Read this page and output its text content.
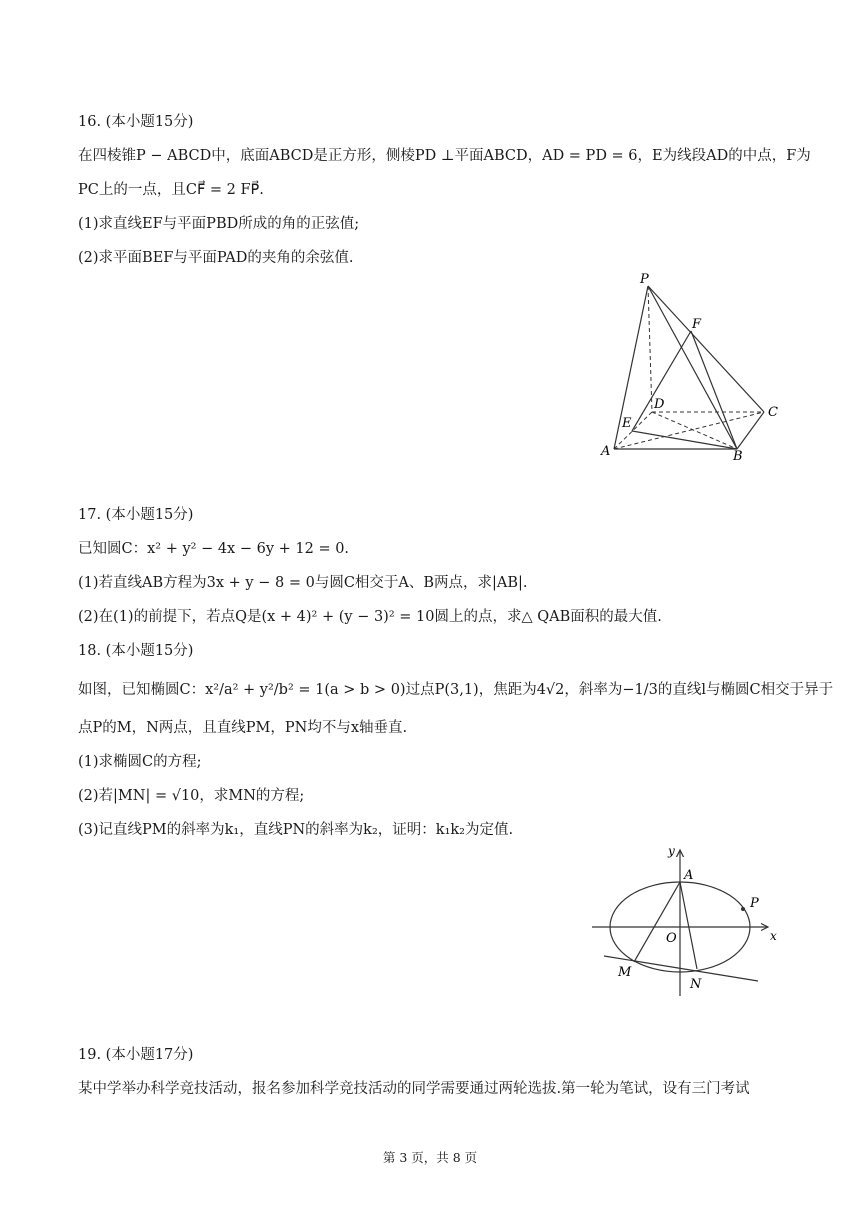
16. (本小题15分)
在四棱锥P − ABCD中，底面ABCD是正方形，侧棱PD ⊥平面ABCD，AD = PD = 6，E为线段AD的中点，F为
PC上的一点，且CF⃗ = 2 FP⃗.
(1)求直线EF与平面PBD所成的角的正弦值;
(2)求平面BEF与平面PAD的夹角的余弦值.
P
F
D
C
E
A	B
17. (本小题15分)
已知圆C：x² + y² − 4x − 6y + 12 = 0.
(1)若直线AB方程为3x + y − 8 = 0与圆C相交于A、B两点，求|AB|.
(2)在(1)的前提下，若点Q是(x + 4)² + (y − 3)² = 10圆上的点，求△ QAB面积的最大值.
18. (本小题15分)
如图，已知椭圆C：x²/a² + y²/b² = 1(a > b > 0)过点P(3,1)，焦距为4√2，斜率为−1/3的直线l与椭圆C相交于异于
点P的M，N两点，且直线PM，PN均不与x轴垂直.
(1)求椭圆C的方程;
(2)若|MN| = √10，求MN的方程;
(3)记直线PM的斜率为k₁，直线PN的斜率为k₂，证明：k₁k₂为定值.
y
A
P
O	x
M
N
19. (本小题17分)
某中学举办科学竞技活动，报名参加科学竞技活动的同学需要通过两轮选拔.第一轮为笔试，设有三门考试
第 3 页，共 8 页
